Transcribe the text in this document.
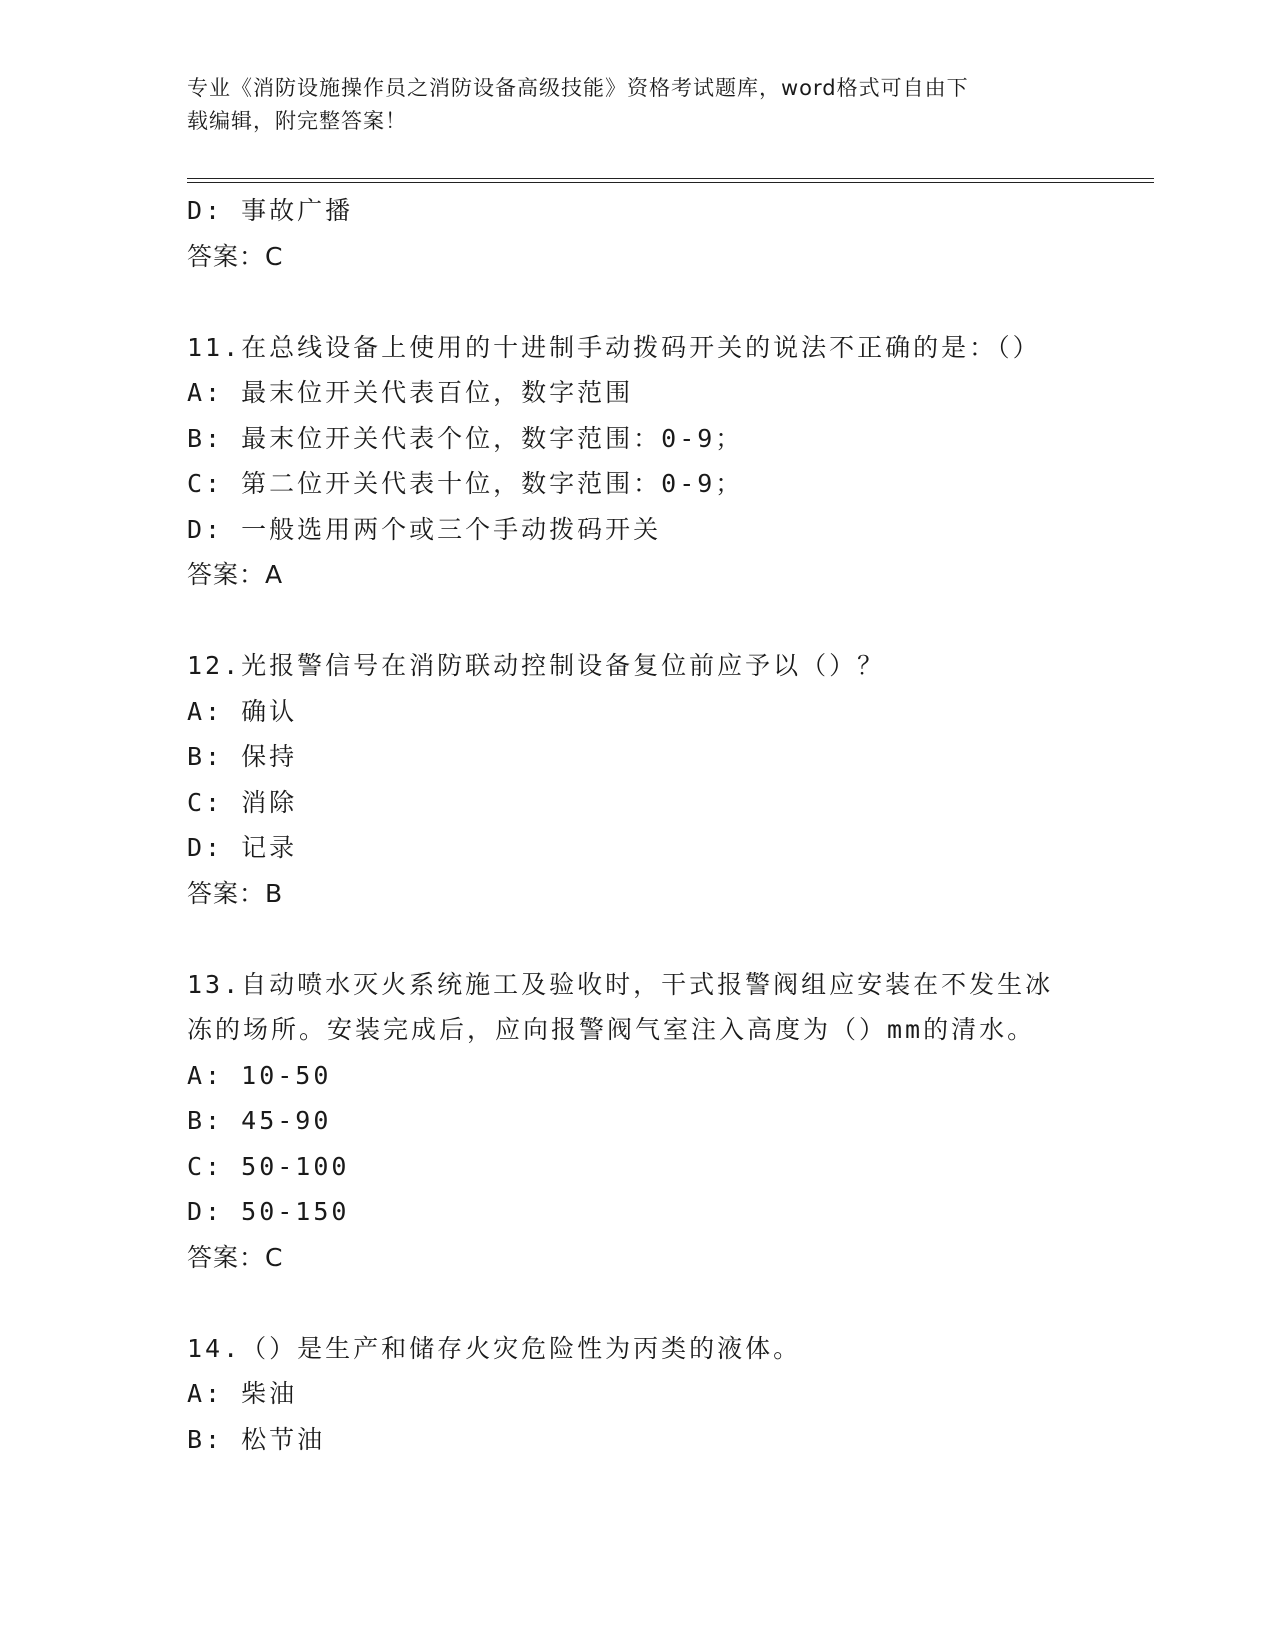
专业《消防设施操作员之消防设备高级技能》资格考试题库，word格式可自由下
载编辑，附完整答案！
D: 事故广播
答案：C
11.在总线设备上使用的十进制手动拨码开关的说法不正确的是：（）
A: 最末位开关代表百位，数字范围
B: 最末位开关代表个位，数字范围：0-9；
C: 第二位开关代表十位，数字范围：0-9；
D: 一般选用两个或三个手动拨码开关
答案：A
12.光报警信号在消防联动控制设备复位前应予以（）？
A: 确认
B: 保持
C: 消除
D: 记录
答案：B
13.自动喷水灭火系统施工及验收时，干式报警阀组应安装在不发生冰
冻的场所。安装完成后，应向报警阀气室注入高度为（）mm的清水。
A: 10-50
B: 45-90
C: 50-100
D: 50-150
答案：C
14.（）是生产和储存火灾危险性为丙类的液体。
A: 柴油
B: 松节油
